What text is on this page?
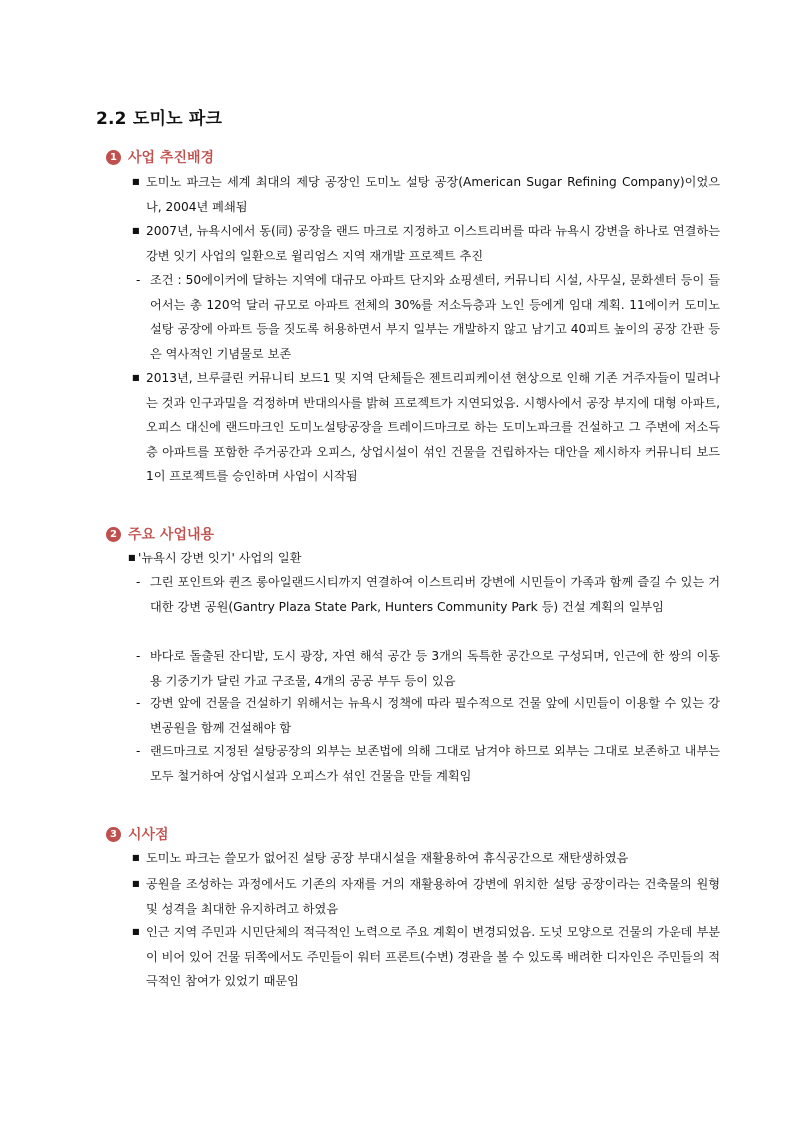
2.2 도미노 파크
1 사업 추진배경
■ 도미노 파크는 세계 최대의 제당 공장인 도미노 설탕 공장(American Sugar Refining Company)이었으나, 2004년 폐쇄됨
■ 2007년, 뉴욕시에서 동(同) 공장을 랜드 마크로 지정하고 이스트리버를 따라 뉴욕시 강변을 하나로 연결하는 강변 잇기 사업의 일환으로 윌리엄스 지역 재개발 프로젝트 추진
- 조건 : 50에이커에 달하는 지역에 대규모 아파트 단지와 쇼핑센터, 커뮤니티 시설, 사무실, 문화센터 등이 들어서는 총 120억 달러 규모로 아파트 전체의 30%를 저소득층과 노인 등에게 임대 계획. 11에이커 도미노 설탕 공장에 아파트 등을 짓도록 허용하면서 부지 일부는 개발하지 않고 남기고 40피트 높이의 공장 간판 등은 역사적인 기념물로 보존
■ 2013년, 브루클린 커뮤니티 보드1 및 지역 단체들은 젠트리피케이션 현상으로 인해 기존 거주자들이 밀려나는 것과 인구과밀을 걱정하며 반대의사를 밝혀 프로젝트가 지연되었음. 시행사에서 공장 부지에 대형 아파트, 오피스 대신에 랜드마크인 도미노설탕공장을 트레이드마크로 하는 도미노파크를 건설하고 그 주변에 저소득층 아파트를 포함한 주거공간과 오피스, 상업시설이 섞인 건물을 건립하자는 대안을 제시하자 커뮤니티 보드1이 프로젝트를 승인하며 사업이 시작됨
2 주요 사업내용
■ '뉴욕시 강변 잇기' 사업의 일환
- 그린 포인트와 퀸즈 롱아일랜드시티까지 연결하여 이스트리버 강변에 시민들이 가족과 함께 즐길 수 있는 거대한 강변 공원(Gantry Plaza State Park, Hunters Community Park 등) 건설 계획의 일부임
- 바다로 돌출된 잔디밭, 도시 광장, 자연 해석 공간 등 3개의 독특한 공간으로 구성되며, 인근에 한 쌍의 이동용 기중기가 달린 가교 구조물, 4개의 공공 부두 등이 있음
- 강변 앞에 건물을 건설하기 위해서는 뉴욕시 정책에 따라 필수적으로 건물 앞에 시민들이 이용할 수 있는 강변공원을 함께 건설해야 함
- 랜드마크로 지정된 설탕공장의 외부는 보존법에 의해 그대로 남겨야 하므로 외부는 그대로 보존하고 내부는 모두 철거하여 상업시설과 오피스가 섞인 건물을 만들 계획임
3 시사점
■ 도미노 파크는 쓸모가 없어진 설탕 공장 부대시설을 재활용하여 휴식공간으로 재탄생하였음
■ 공원을 조성하는 과정에서도 기존의 자재를 거의 재활용하여 강변에 위치한 설탕 공장이라는 건축물의 원형 및 성격을 최대한 유지하려고 하였음
■ 인근 지역 주민과 시민단체의 적극적인 노력으로 주요 계획이 변경되었음. 도넛 모양으로 건물의 가운데 부분이 비어 있어 건물 뒤쪽에서도 주민들이 워터 프론트(수변) 경관을 볼 수 있도록 배려한 디자인은 주민들의 적극적인 참여가 있었기 때문임
